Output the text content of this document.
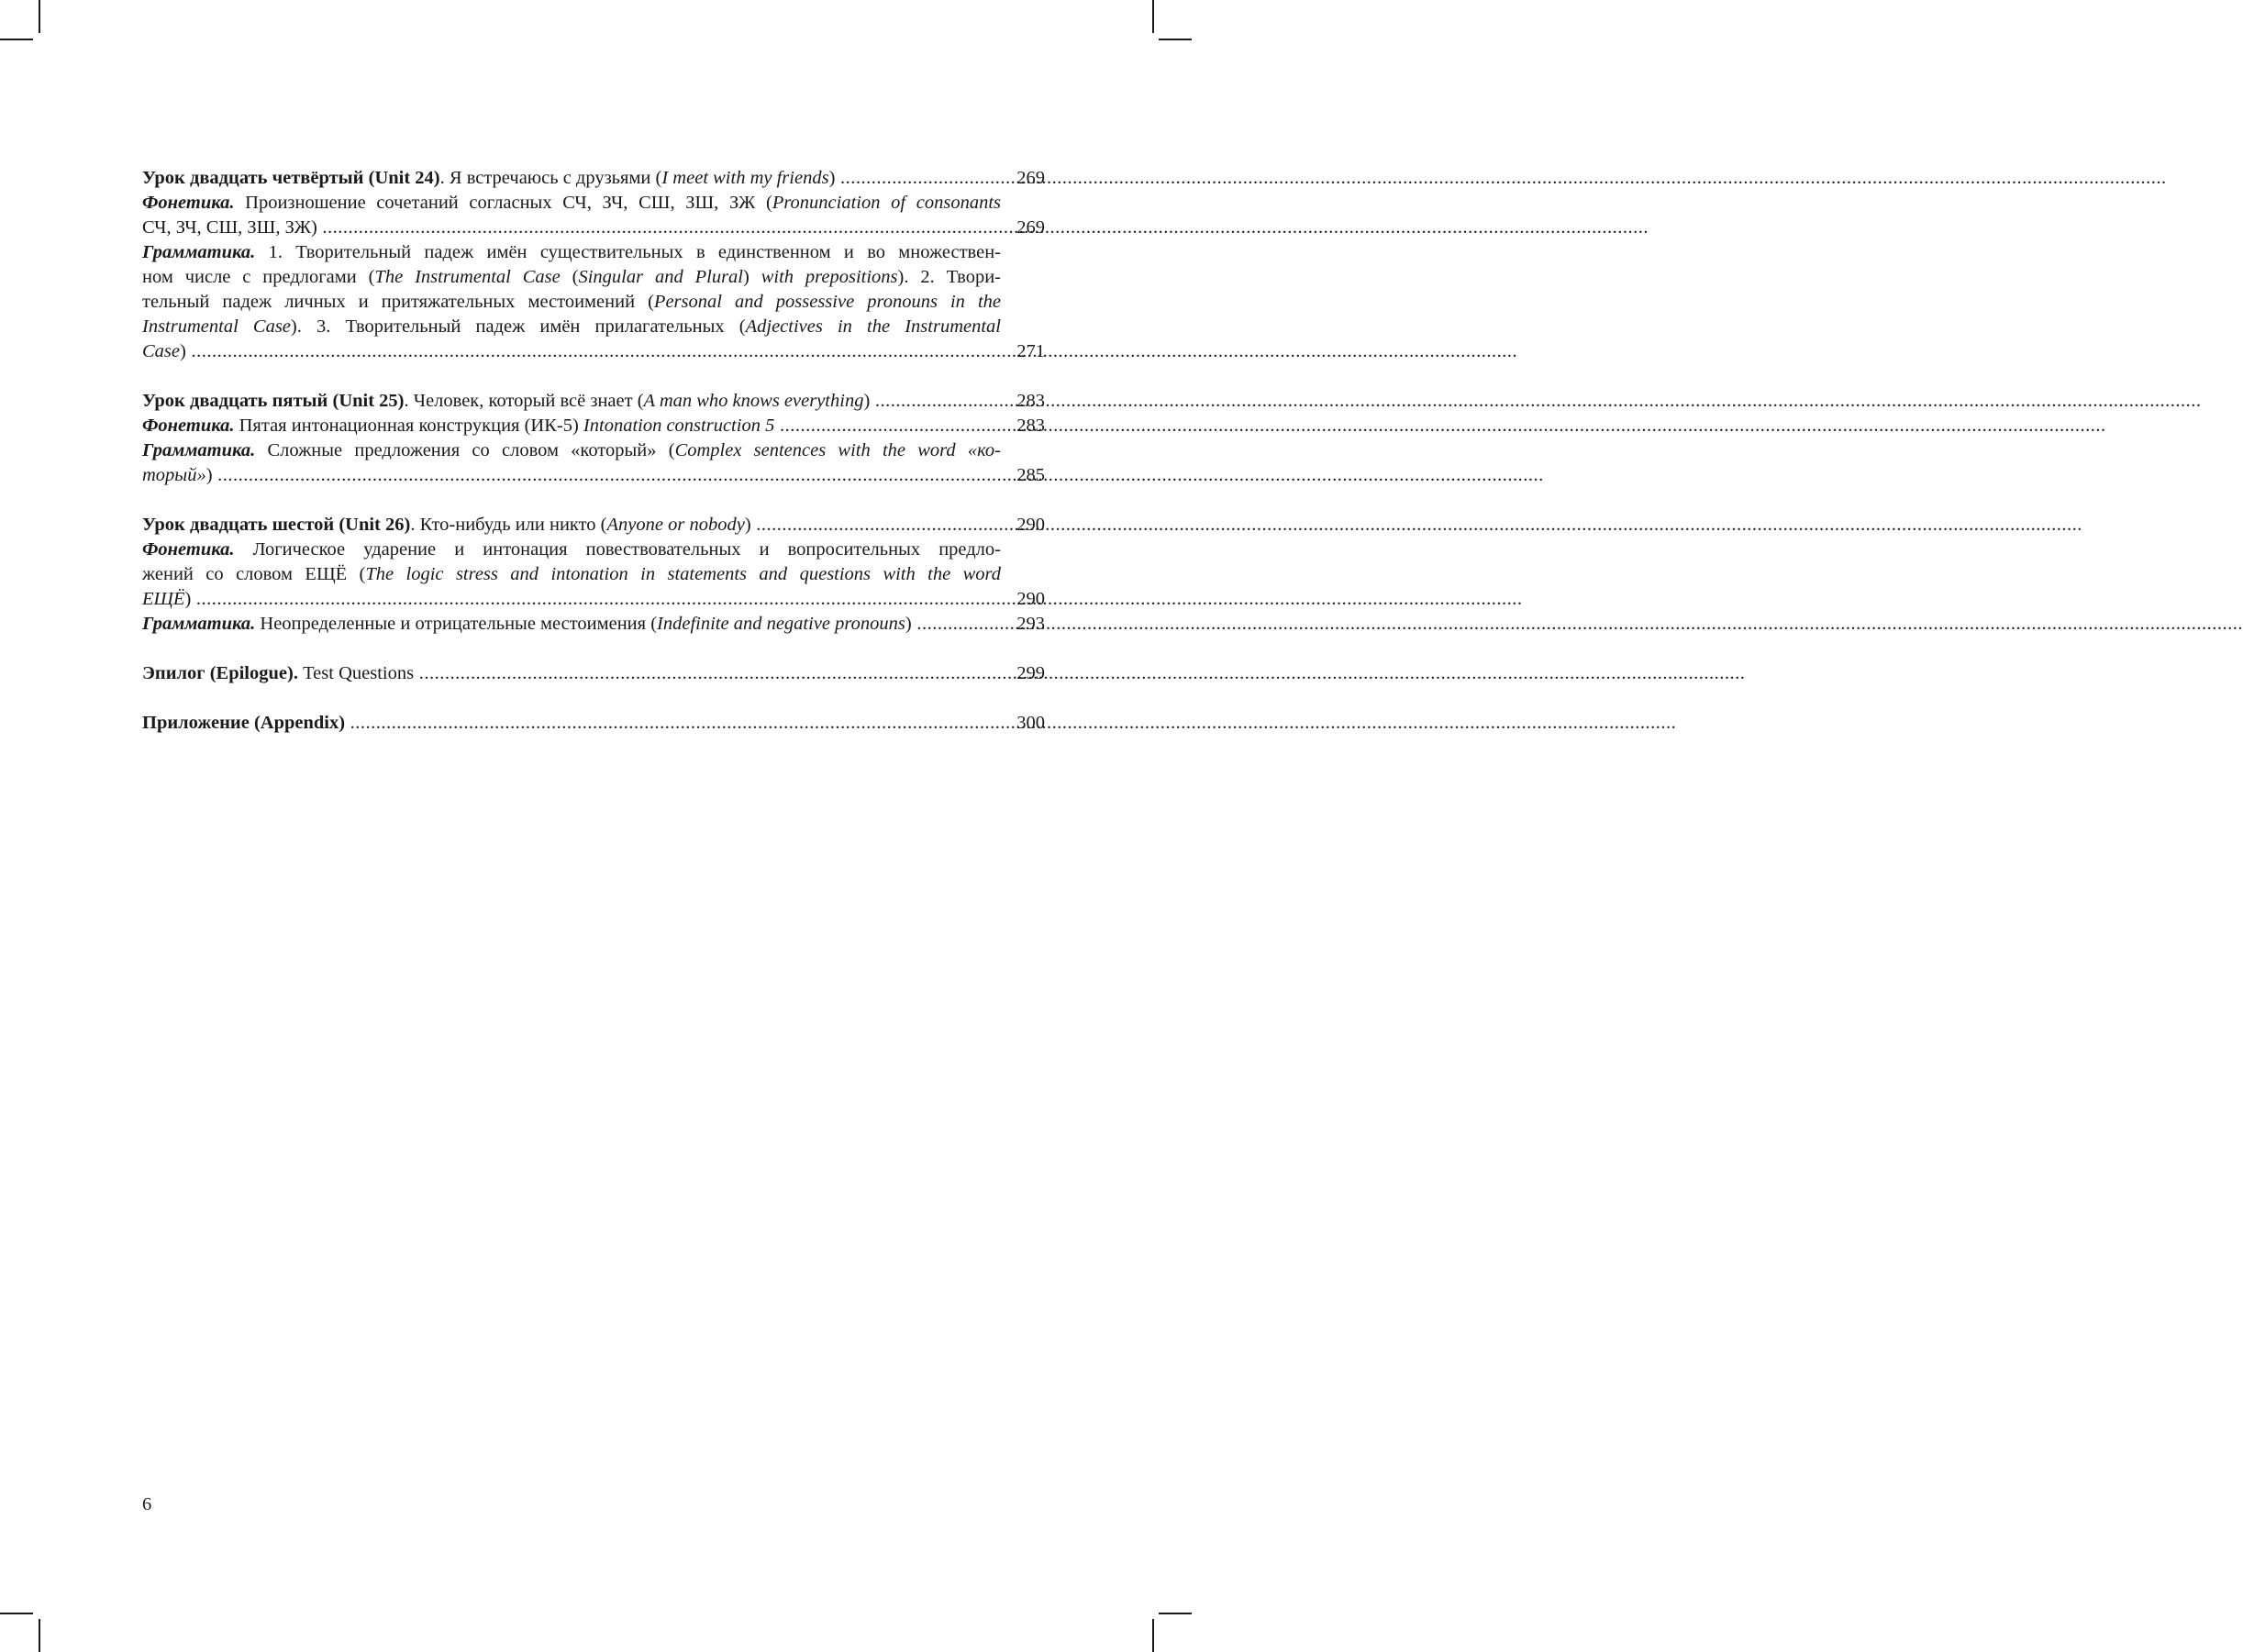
Урок двадцать четвёртый (Unit 24). Я встречаюсь с друзьями (I meet with my friends) .....	269
Фонетика. Произношение сочетаний согласных СЧ, ЗЧ, СШ, ЗШ, ЗЖ (Pronunciation of consonants
СЧ, ЗЧ, СШ, ЗШ, ЗЖ) .....	269
Грамматика. 1. Творительный падеж имён существительных в единственном и во множествен-
ном числе с предлогами (The Instrumental Case (Singular and Plural) with prepositions). 2. Твори-
тельный падеж личных и притяжательных местоимений (Personal and possessive pronouns in the
Instrumental Case). 3. Творительный падеж имён прилагательных (Adjectives in the Instrumental
Case) .....	271
Урок двадцать пятый (Unit 25). Человек, который всё знает (A man who knows everything) .....	283
Фонетика. Пятая интонационная конструкция (ИК-5) Intonation construction 5 .....	283
Грамматика. Сложные предложения со словом «который» (Complex sentences with the word «ко-
торый») .....	285
Урок двадцать шестой (Unit 26). Кто-нибудь или никто (Anyone or nobody) .....	290
Фонетика. Логическое ударение и интонация повествовательных и вопросительных предло-
жений со словом ЕЩЁ (The logic stress and intonation in statements and questions with the word
ЕЩЁ) .....	290
Грамматика. Неопределенные и отрицательные местоимения (Indefinite and negative pronouns) .....	293
Эпилог (Epilogue). Test Questions .....	299
Приложение (Appendix) .....	300
6
